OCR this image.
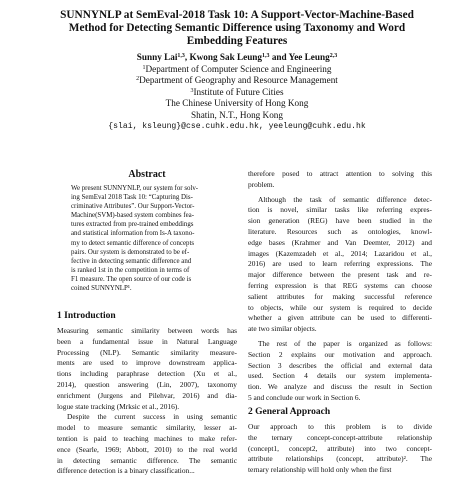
SUNNYNLP at SemEval-2018 Task 10: A Support-Vector-Machine-Based
Method for Detecting Semantic Difference using Taxonomy and Word
Embedding Features
Sunny Lai$^{1,3}$, Kwong Sak Leung$^{1,3}$ and Yee Leung$^{2,3}$
$^1$Department of Computer Science and Engineering
$^2$Department of Geography and Resource Management
$^3$Institute of Future Cities
The Chinese University of Hong Kong
Shatin, N.T., Hong Kong
{slai, ksleung}@cse.cuhk.edu.hk, yeeleung@cuhk.edu.hk
Abstract
We present SUNNYNLP, our system for solv-
ing SemEval 2018 Task 10: “Capturing Dis-
criminative Attributes”. Our Support-Vector-
Machine(SVM)-based system combines fea-
tures extracted from pre-trained embeddings
and statistical information from Is-A taxono-
my to detect semantic difference of concepts
pairs. Our system is demonstrated to be ef-
fective in detecting semantic difference and
is ranked 1st in the competition in terms of
F1 measure. The open source of our code is
coined SUNNYNLP¹.
1 Introduction
Measuring semantic similarity between words has
been a fundamental issue in Natural Language
Processing (NLP). Semantic similarity measure-
ments are used to improve downstream applica-
tions including paraphrase detection (Xu et al.,
2014), question answering (Lin, 2007), taxonomy
enrichment (Jurgens and Pilehvar, 2016) and dia-
logue state tracking (Mrksic et al., 2016).
Despite the current success in using semantic
model to measure semantic similarity, lesser at-
tention is paid to teaching machines to make refer-
ence (Searle, 1969; Abbott, 2010) to the real world
in detecting semantic difference. The semantic
difference detection is a binary classification...
therefore posed to attract attention to solving this
problem.
Although the task of semantic difference detec-
tion is novel, similar tasks like referring expres-
sion generation (REG) have been studied in the
literature. Resources such as ontologies, knowl-
edge bases (Krahmer and Van Deemter, 2012) and
images (Kazemzadeh et al., 2014; Lazaridou et al.,
2016) are used to learn referring expressions. The
major difference between the present task and re-
ferring expression is that REG systems can choose
salient attributes for making successful reference
to objects, while our system is required to decide
whether a given attribute can be used to differenti-
ate two similar objects.
The rest of the paper is organized as follows:
Section 2 explains our motivation and approach.
Section 3 describes the official and external data
used. Section 4 details our system implementa-
tion. We analyze and discuss the result in Section
5 and conclude our work in Section 6.
2 General Approach
Our approach to this problem is to divide
the ternary concept-concept-attribute relationship
(concept1, concept2, attribute) into two concept-
attribute relationships (concept, attribute)². The
ternary relationship will hold only when the first
